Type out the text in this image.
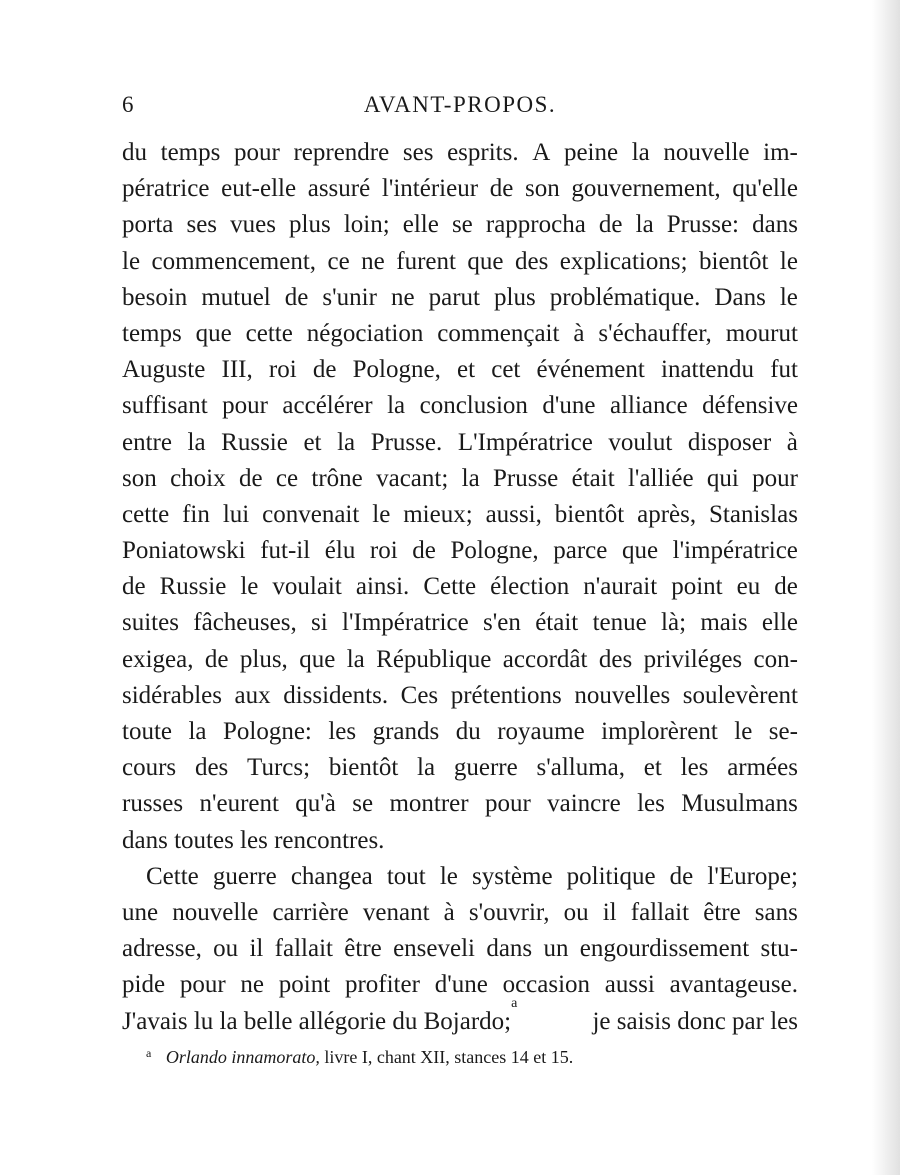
6	AVANT-PROPOS.
du temps pour reprendre ses esprits. A peine la nouvelle im-
pératrice eut-elle assuré l'intérieur de son gouvernement, qu'elle
porta ses vues plus loin; elle se rapprocha de la Prusse: dans
le commencement, ce ne furent que des explications; bientôt le
besoin mutuel de s'unir ne parut plus problématique. Dans le
temps que cette négociation commençait à s'échauffer, mourut
Auguste III, roi de Pologne, et cet événement inattendu fut
suffisant pour accélérer la conclusion d'une alliance défensive
entre la Russie et la Prusse. L'Impératrice voulut disposer à
son choix de ce trône vacant; la Prusse était l'alliée qui pour
cette fin lui convenait le mieux; aussi, bientôt après, Stanislas
Poniatowski fut-il élu roi de Pologne, parce que l'impératrice
de Russie le voulait ainsi. Cette élection n'aurait point eu de
suites fâcheuses, si l'Impératrice s'en était tenue là; mais elle
exigea, de plus, que la République accordât des priviléges con-
sidérables aux dissidents. Ces prétentions nouvelles soulevèrent
toute la Pologne: les grands du royaume implorèrent le se-
cours des Turcs; bientôt la guerre s'alluma, et les armées
russes n'eurent qu'à se montrer pour vaincre les Musulmans
dans toutes les rencontres.
Cette guerre changea tout le système politique de l'Europe;
une nouvelle carrière venant à s'ouvrir, ou il fallait être sans
adresse, ou il fallait être enseveli dans un engourdissement stu-
pide pour ne point profiter d'une occasion aussi avantageuse.
J'avais lu la belle allégorie du Bojardo;
a
je saisis donc par les
$^a$ Orlando innamorato, livre I, chant XII, stances 14 et 15.
